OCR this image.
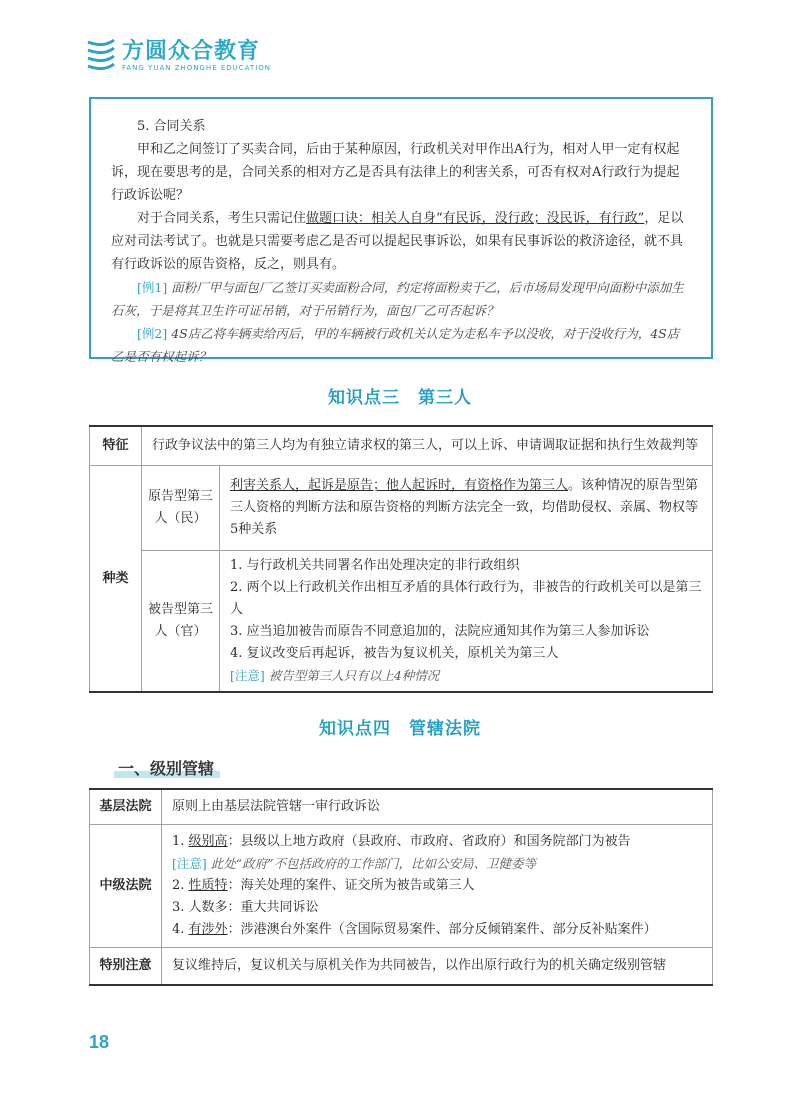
方圆众合教育
FANG YUAN ZHONGHE EDUCATION

5. 合同关系

甲和乙之间签订了买卖合同，后由于某种原因，行政机关对甲作出A行为，相对人甲一定有权起诉，现在要思考的是，合同关系的相对方乙是否具有法律上的利害关系，可否有权对A行政行为提起行政诉讼呢？

对于合同关系，考生只需记住做题口诀：相关人自身“有民诉，没行政；没民诉，有行政”，足以应对司法考试了。也就是只需要考虑乙是否可以提起民事诉讼，如果有民事诉讼的救济途径，就不具有行政诉讼的原告资格，反之，则具有。

[例1] 面粉厂甲与面包厂乙签订买卖面粉合同，约定将面粉卖于乙，后市场局发现甲向面粉中添加生石灰，于是将其卫生许可证吊销，对于吊销行为，面包厂乙可否起诉？

[例2] 4S店乙将车辆卖给丙后，甲的车辆被行政机关认定为走私车予以没收，对于没收行为，4S店乙是否有权起诉？

知识点三　第三人
特征	行政争议法中的第三人均为有独立请求权的第三人，可以上诉、申请调取证据和执行生效裁判等	
种类	原告型第三人（民）	利害关系人，起诉是原告；他人起诉时，有资格作为第三人。该种情况的原告型第三人资格的判断方法和原告资格的判断方法完全一致，均借助侵权、亲属、物权等5种关系
	被告型第三人（官）	1. 与行政机关共同署名作出处理决定的非行政组织
2. 两个以上行政机关作出相互矛盾的具体行政行为，非被告的行政机关可以是第三人
3. 应当追加被告而原告不同意追加的，法院应通知其作为第三人参加诉讼
4. 复议改变后再起诉，被告为复议机关，原机关为第三人
[注意] 被告型第三人只有以上4种情况
知识点四　管辖法院
一、级别管辖
基层法院	原则上由基层法院管辖一审行政诉讼
中级法院	1. 级别高：县级以上地方政府（县政府、市政府、省政府）和国务院部门为被告
[注意] 此处“政府”不包括政府的工作部门，比如公安局、卫健委等
2. 性质特：海关处理的案件、证交所为被告或第三人
3. 人数多：重大共同诉讼
4. 有涉外：涉港澳台外案件（含国际贸易案件、部分反倾销案件、部分反补贴案件）

特别注意	复议维持后，复议机关与原机关作为共同被告，以作出原行政行为的机关确定级别管辖
18
